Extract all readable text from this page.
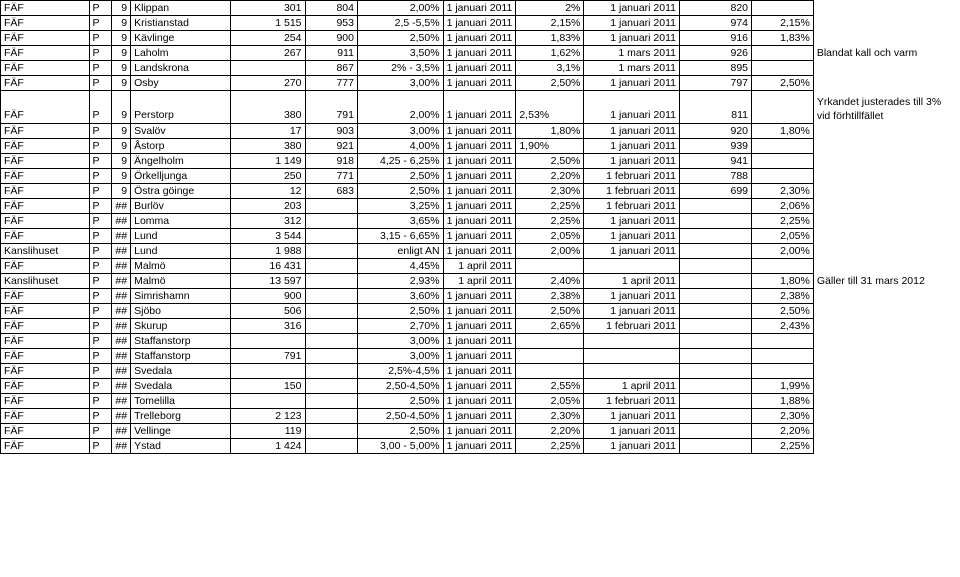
FÄF	P	9	Klippan	301	804	2,00%	1 januari 2011	2%	1 januari 2011	820		
FÄF	P	9	Kristianstad	1 515	953	2,5 -5,5%	1 januari 2011	2,15%	1 januari 2011	974	2,15%	
FÄF	P	9	Kävlinge	254	900	2,50%	1 januari 2011	1,83%	1 januari 2011	916	1,83%	
FÄF	P	9	Laholm	267	911	3,50%	1 januari 2011	1,62%	1 mars 2011	926		Blandat kall och varm
FÄF	P	9	Landskrona		867	2% - 3,5%	1 januari 2011	3,1%	1 mars 2011	895		
FÄF	P	9	Osby	270	777	3,00%	1 januari 2011	2,50%	1 januari 2011	797	2,50%	
FÄF	P	9	Perstorp	380	791	2,00%	1 januari 2011	2,53%	1 januari 2011	811		Yrkandet justerades till 3% vid förhtillfället
FÄF	P	9	Svalöv	17	903	3,00%	1 januari 2011	1,80%	1 januari 2011	920	1,80%	
FÄF	P	9	Åstorp	380	921	4,00%	1 januari 2011	1,90%	1 januari 2011	939		
FÄF	P	9	Ängelholm	1 149	918	4,25 - 6,25%	1 januari 2011	2,50%	1 januari 2011	941		
FÄF	P	9	Örkelljunga	250	771	2,50%	1 januari 2011	2,20%	1 februari 2011	788		
FÄF	P	9	Östra göinge	12	683	2,50%	1 januari 2011	2,30%	1 februari 2011	699	2,30%	
FÄF	P	##	Burlöv	203		3,25%	1 januari 2011	2,25%	1 februari 2011		2,06%	
FÄF	P	##	Lomma	312		3,65%	1 januari 2011	2,25%	1 januari 2011		2,25%	
FÄF	P	##	Lund	3 544		3,15 - 6,65%	1 januari 2011	2,05%	1 januari 2011		2,05%	
Kanslihuset	P	##	Lund	1 988		enligt AN	1 januari 2011	2,00%	1 januari 2011		2,00%	
FÄF	P	##	Malmö	16 431		4,45%	1 april 2011					
Kanslihuset	P	##	Malmö	13 597		2,93%	1 april 2011	2,40%	1 april 2011		1,80%	Gäller till 31 mars 2012
FÄF	P	##	Simrishamn	900		3,60%	1 januari 2011	2,38%	1 januari 2011		2,38%	
FÄF	P	##	Sjöbo	506		2,50%	1 januari 2011	2,50%	1 januari 2011		2,50%	
FÄF	P	##	Skurup	316		2,70%	1 januari 2011	2,65%	1 februari 2011		2,43%	
FÄF	P	##	Staffanstorp			3,00%	1 januari 2011					
FÄF	P	##	Staffanstorp	791		3,00%	1 januari 2011					
FÄF	P	##	Svedala			2,5%-4,5%	1 januari 2011					
FÄF	P	##	Svedala	150		2,50-4,50%	1 januari 2011	2,55%	1 april 2011		1,99%	
FÄF	P	##	Tomelilla			2,50%	1 januari 2011	2,05%	1 februari 2011		1,88%	
FÄF	P	##	Trelleborg	2 123		2,50-4,50%	1 januari 2011	2,30%	1 januari 2011		2,30%	
FÄF	P	##	Vellinge	119		2,50%	1 januari 2011	2,20%	1 januari 2011		2,20%	
FÄF	P	##	Ystad	1 424		3,00 - 5,00%	1 januari 2011	2,25%	1 januari 2011		2,25%	
